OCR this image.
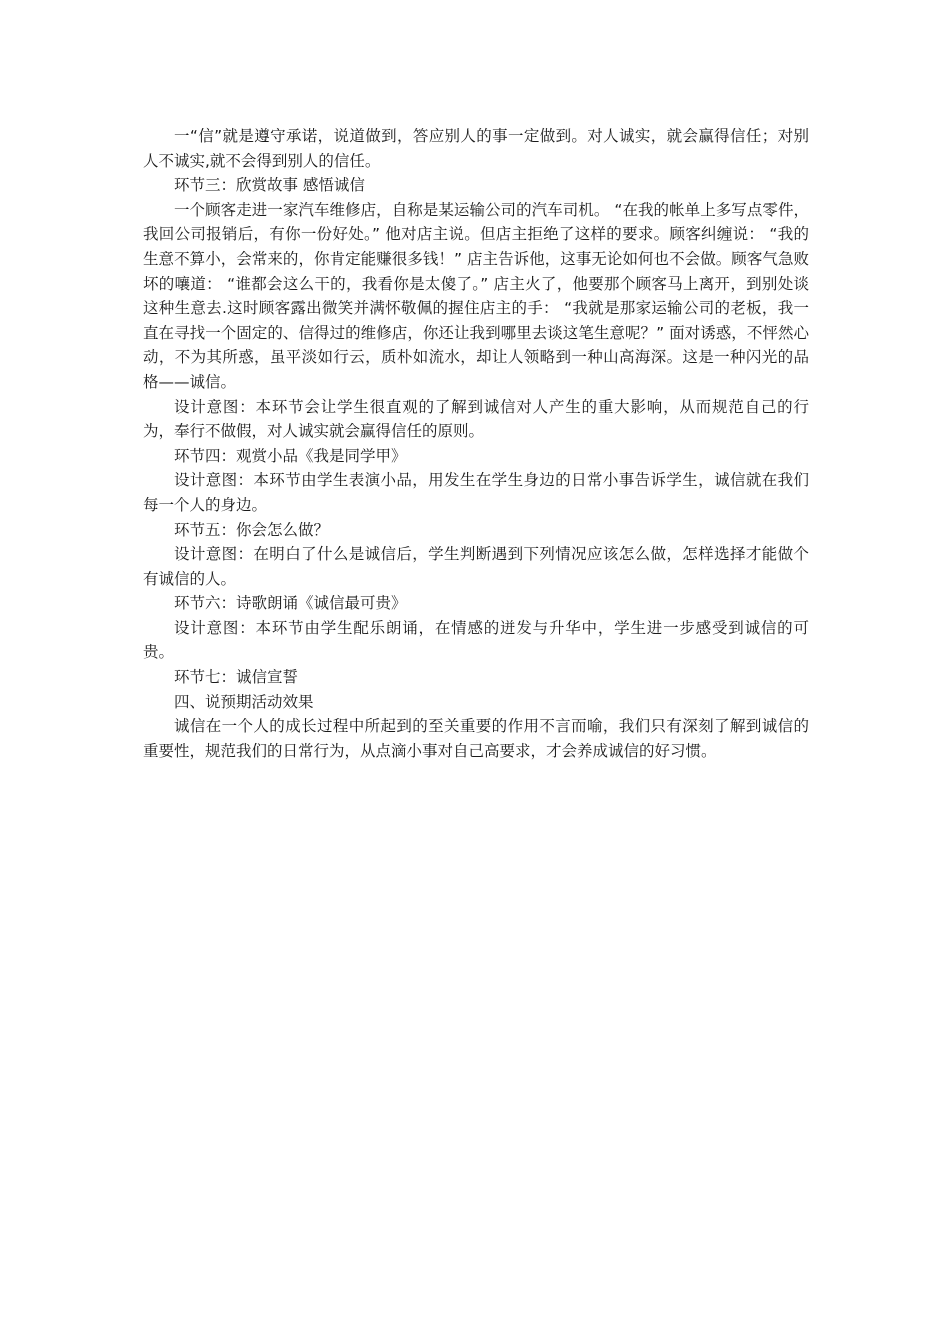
一“信”就是遵守承诺，说道做到，答应别人的事一定做到。对人诚实，就会赢得信任；对别人不诚实,就不会得到别人的信任。

环节三：欣赏故事 感悟诚信

一个顾客走进一家汽车维修店，自称是某运输公司的汽车司机。 “在我的帐单上多写点零件，我回公司报销后，有你一份好处。” 他对店主说。但店主拒绝了这样的要求。顾客纠缠说： “我的生意不算小，会常来的，你肯定能赚很多钱！” 店主告诉他，这事无论如何也不会做。顾客气急败坏的嚷道： “谁都会这么干的，我看你是太傻了。” 店主火了，他要那个顾客马上离开，到别处谈这种生意去.这时顾客露出微笑并满怀敬佩的握住店主的手： “我就是那家运输公司的老板，我一直在寻找一个固定的、信得过的维修店，你还让我到哪里去谈这笔生意呢？” 面对诱惑，不怦然心动，不为其所惑，虽平淡如行云，质朴如流水，却让人领略到一种山高海深。这是一种闪光的品格——诚信。

设计意图：本环节会让学生很直观的了解到诚信对人产生的重大影响，从而规范自己的行为，奉行不做假，对人诚实就会赢得信任的原则。

环节四：观赏小品《我是同学甲》

设计意图：本环节由学生表演小品，用发生在学生身边的日常小事告诉学生，诚信就在我们每一个人的身边。

环节五：你会怎么做？

设计意图：在明白了什么是诚信后，学生判断遇到下列情况应该怎么做，怎样选择才能做个有诚信的人。

环节六：诗歌朗诵《诚信最可贵》

设计意图：本环节由学生配乐朗诵，在情感的迸发与升华中，学生进一步感受到诚信的可贵。

环节七：诚信宣誓

四、说预期活动效果

诚信在一个人的成长过程中所起到的至关重要的作用不言而喻，我们只有深刻了解到诚信的重要性，规范我们的日常行为，从点滴小事对自己高要求，才会养成诚信的好习惯。
